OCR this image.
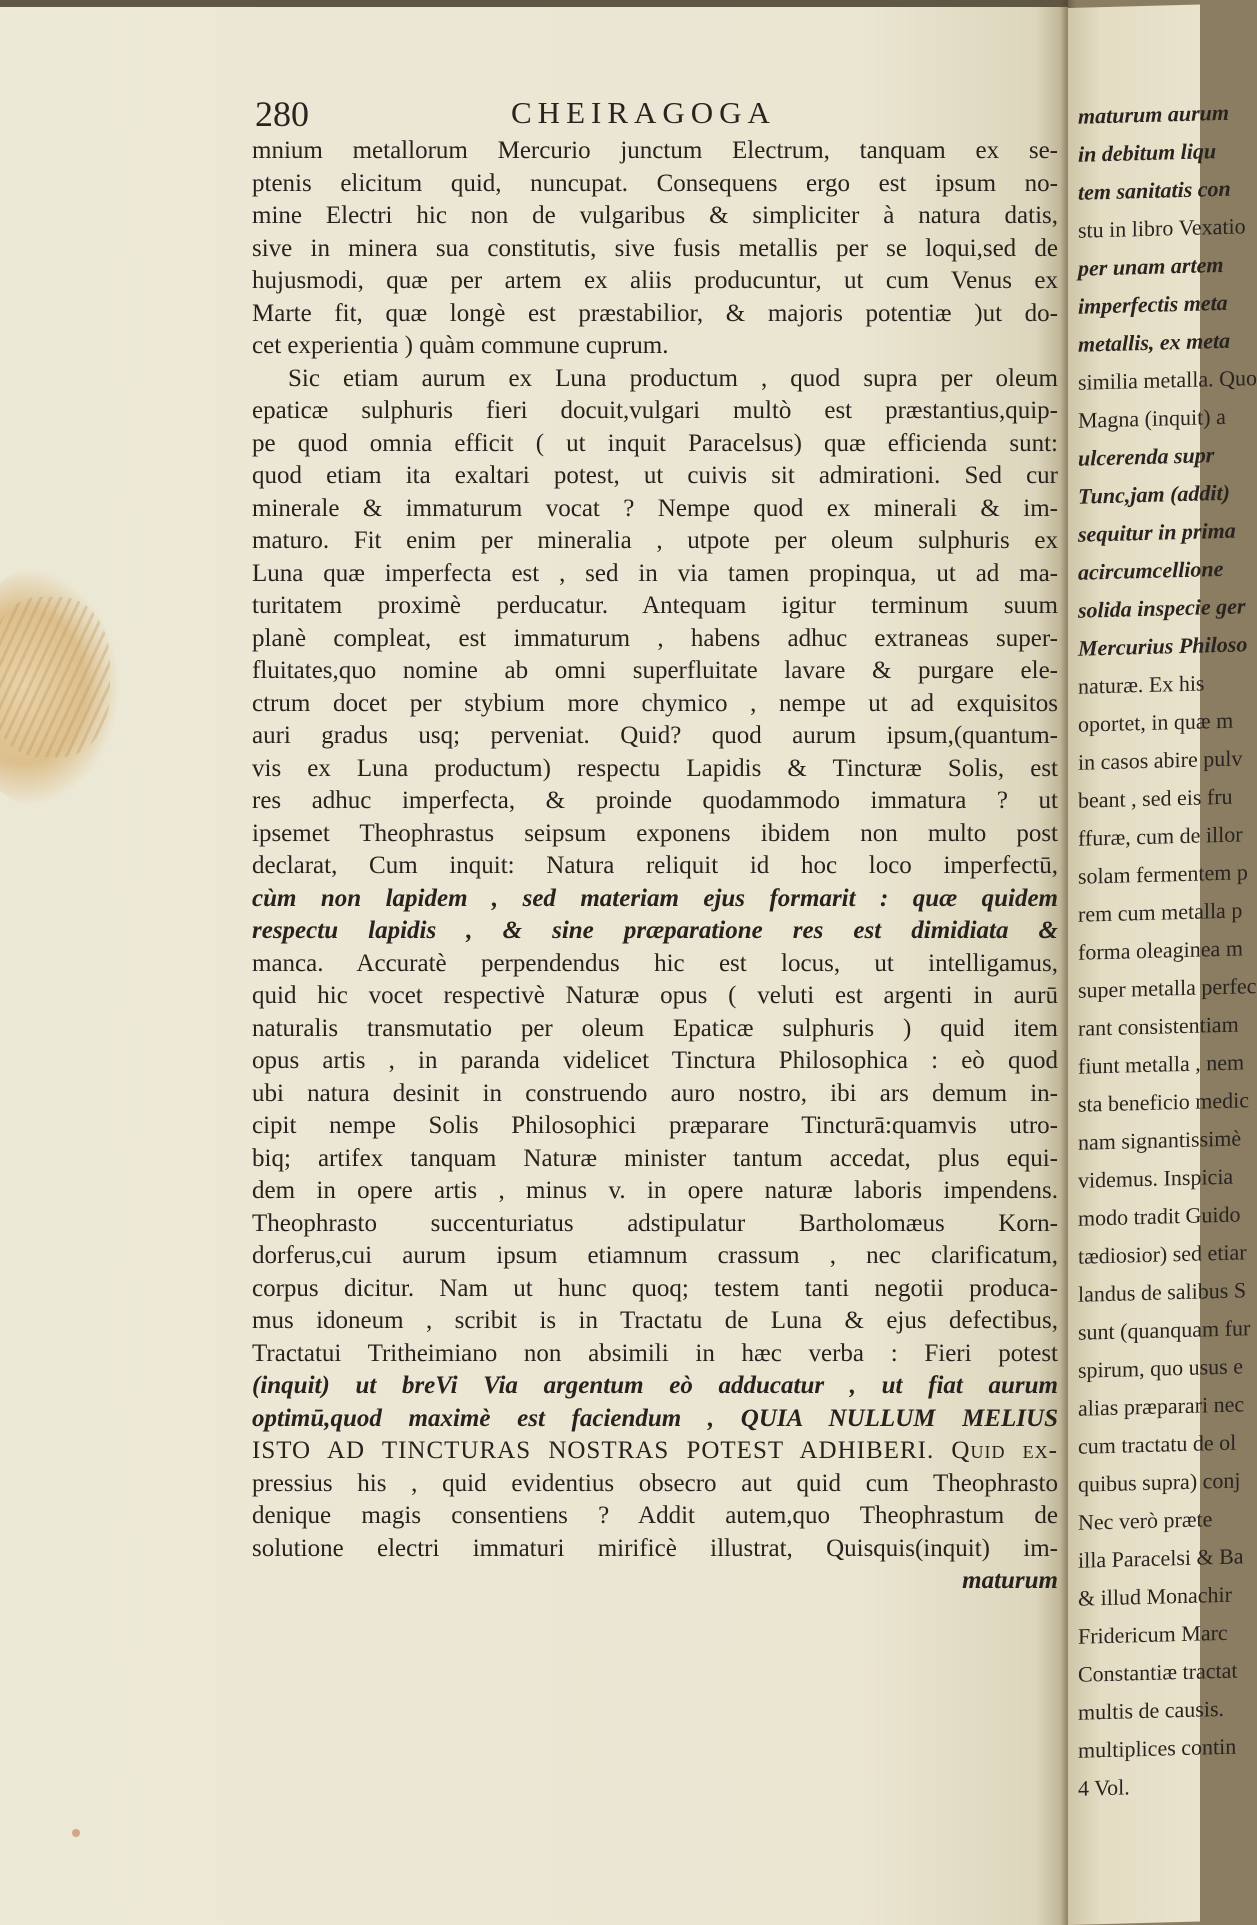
280	CHEIRAGOGA
mnium metallorum Mercurio junctum Electrum, tanquam ex se-
ptenis elicitum quid, nuncupat. Consequens ergo est ipsum no-
mine Electri hic non de vulgaribus & simpliciter à natura datis,
sive in minera sua constitutis, sive fusis metallis per se loqui,sed de
hujusmodi, quæ per artem ex aliis producuntur, ut cum Venus ex
Marte fit, quæ longè est præstabilior, & majoris potentiæ )ut do-
cet experientia ) quàm commune cuprum.
Sic etiam aurum ex Luna productum , quod supra per oleum
epaticæ sulphuris fieri docuit,vulgari multò est præstantius,quip-
pe quod omnia efficit ( ut inquit Paracelsus) quæ efficienda sunt:
quod etiam ita exaltari potest, ut cuivis sit admirationi. Sed cur
minerale & immaturum vocat ? Nempe quod ex minerali & im-
maturo. Fit enim per mineralia , utpote per oleum sulphuris ex
Luna quæ imperfecta est , sed in via tamen propinqua, ut ad ma-
turitatem proximè perducatur. Antequam igitur terminum suum
planè compleat, est immaturum , habens adhuc extraneas super-
fluitates,quo nomine ab omni superfluitate lavare & purgare ele-
ctrum docet per stybium more chymico , nempe ut ad exquisitos
auri gradus usq; perveniat. Quid? quod aurum ipsum,(quantum-
vis ex Luna productum) respectu Lapidis & Tincturæ Solis, est
res adhuc imperfecta, & proinde quodammodo immatura ? ut
ipsemet Theophrastus seipsum exponens ibidem non multo post
declarat, Cum inquit: Natura reliquit id hoc loco imperfectū,
cùm non lapidem , sed materiam ejus formarit : quæ quidem
respectu lapidis , & sine præparatione res est dimidiata &
manca. Accuratè perpendendus hic est locus, ut intelligamus,
quid hic vocet respectivè Naturæ opus ( veluti est argenti in aurū
naturalis transmutatio per oleum Epaticæ sulphuris ) quid item
opus artis , in paranda videlicet Tinctura Philosophica : eò quod
ubi natura desinit in construendo auro nostro, ibi ars demum in-
cipit nempe Solis Philosophici præparare Tincturā:quamvis utro-
biq; artifex tanquam Naturæ minister tantum accedat, plus equi-
dem in opere artis , minus v. in opere naturæ laboris impendens.
Theophrasto succenturiatus adstipulatur Bartholomæus Korn-
dorferus,cui aurum ipsum etiamnum crassum , nec clarificatum,
corpus dicitur. Nam ut hunc quoq; testem tanti negotii produca-
mus idoneum , scribit is in Tractatu de Luna & ejus defectibus,
Tractatui Tritheimiano non absimili in hæc verba : Fieri potest
(inquit) ut breVi Via argentum eò adducatur , ut fiat aurum
optimū,quod maximè est faciendum , QUIA NULLUM MELIUS
ISTO AD TINCTURAS NOSTRAS POTEST ADHIBERI. Quid ex-
pressius his , quid evidentius obsecro aut quid cum Theophrasto
denique magis consentiens ? Addit autem,quo Theophrastum de
solutione electri immaturi mirificè illustrat, Quisquis(inquit) im-
maturum
maturum aurum
in debitum liqu
tem sanitatis con
stu in libro Vexatio
per unam artem
imperfectis meta
metallis, ex meta
similia metalla. Quo
Magna (inquit) a
ulcerenda supr
Tunc,jam (addit)
sequitur in prima
acircumcellione
solida inspecie ger
Mercurius Philoso
naturæ. Ex his
oportet, in quæ m
in casos abire pulv
beant , sed eis fru
ffuræ, cum de illor
solam fermentem p
rem cum metalla p
forma oleaginea m
super metalla perfec
rant consistentiam
fiunt metalla , nem
sta beneficio medic
nam signantissimè
videmus. Inspicia
modo tradit Guido
tædiosior) sed etiar
landus de salibus S
sunt (quanquam fur
spirum, quo usus e
alias præparari nec
cum tractatu de ol
quibus supra) conj
Nec verò præte
illa Paracelsi & Ba
& illud Monachir
Fridericum Marc
Constantiæ tractat
multis de causis.
multiplices contin
4 Vol.
